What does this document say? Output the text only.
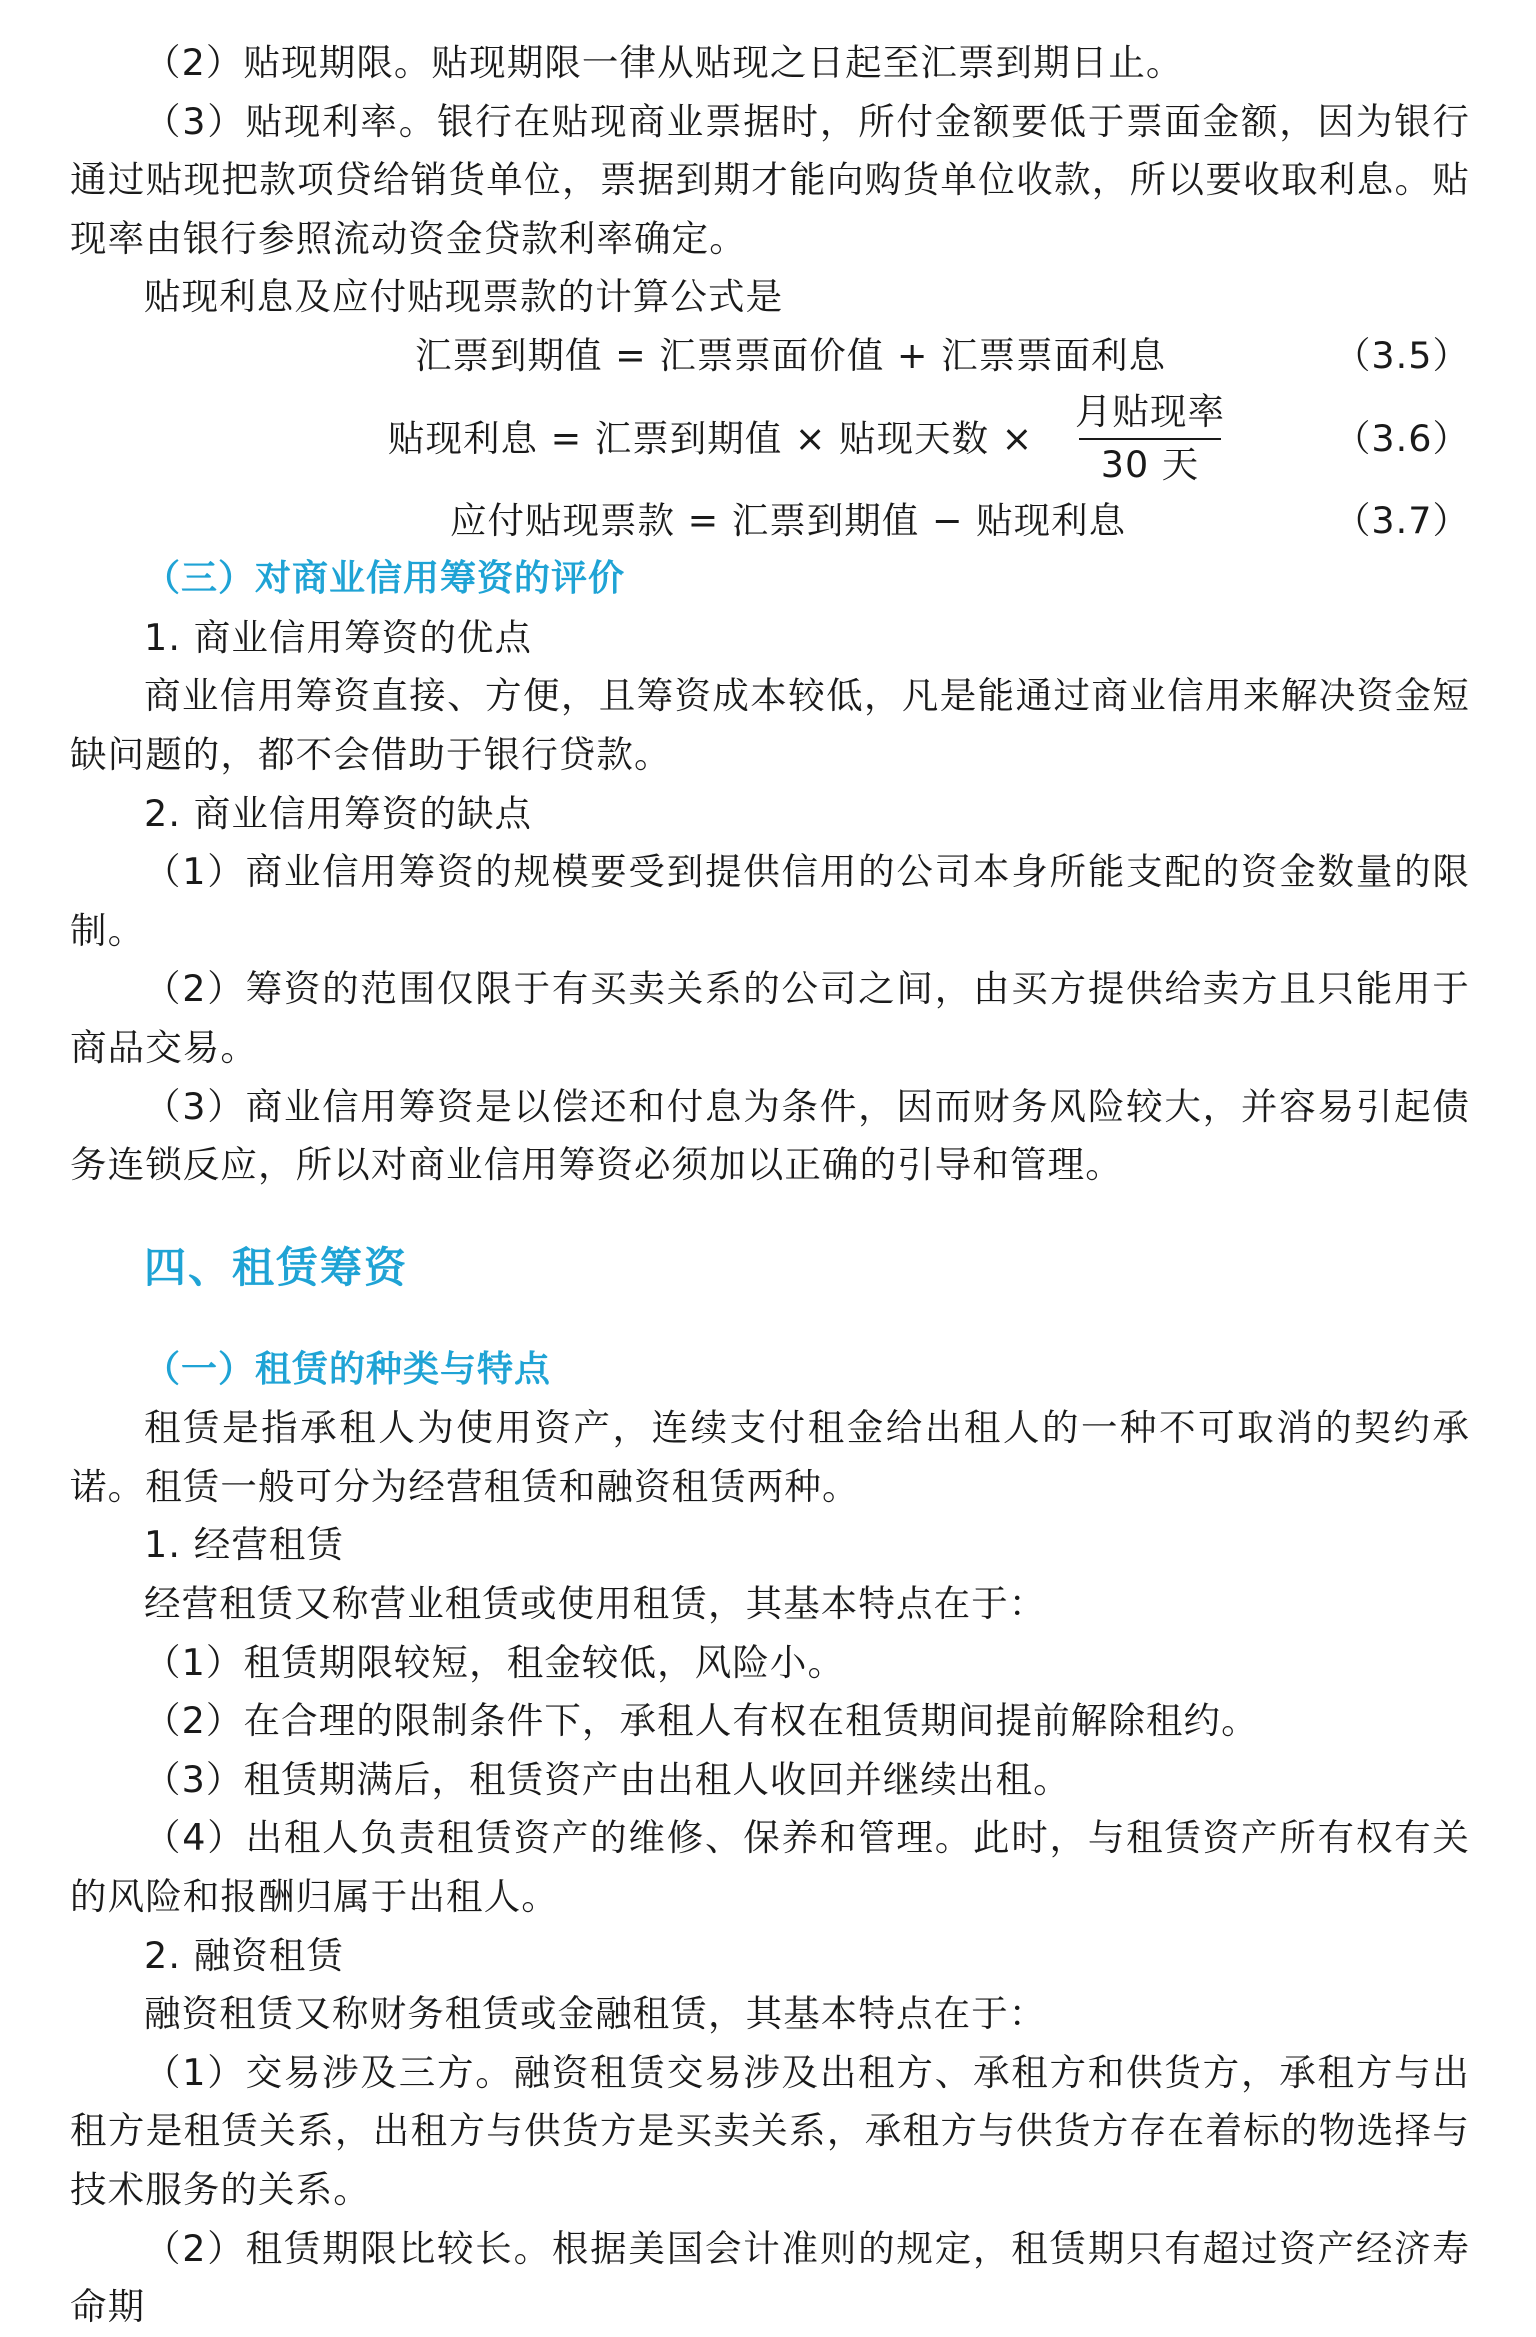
（2）贴现期限。贴现期限一律从贴现之日起至汇票到期日止。

（3）贴现利率。银行在贴现商业票据时，所付金额要低于票面金额，因为银行通过贴现把款项贷给销货单位，票据到期才能向购货单位收款，所以要收取利息。贴现率由银行参照流动资金贷款利率确定。

贴现利息及应付贴现票款的计算公式是

汇票到期值 = 汇票票面价值 + 汇票票面利息	（3.5）
贴现利息 = 汇票到期值 × 贴现天数 ×
月贴现率
30 天
（3.6）
应付贴现票款 = 汇票到期值 − 贴现利息	（3.7）

（三）对商业信用筹资的评价

1. 商业信用筹资的优点

商业信用筹资直接、方便，且筹资成本较低，凡是能通过商业信用来解决资金短缺问题的，都不会借助于银行贷款。

2. 商业信用筹资的缺点

（1）商业信用筹资的规模要受到提供信用的公司本身所能支配的资金数量的限制。

（2）筹资的范围仅限于有买卖关系的公司之间，由买方提供给卖方且只能用于商品交易。

（3）商业信用筹资是以偿还和付息为条件，因而财务风险较大，并容易引起债务连锁反应，所以对商业信用筹资必须加以正确的引导和管理。

四、租赁筹资

（一）租赁的种类与特点

租赁是指承租人为使用资产，连续支付租金给出租人的一种不可取消的契约承诺。租赁一般可分为经营租赁和融资租赁两种。

1. 经营租赁

经营租赁又称营业租赁或使用租赁，其基本特点在于：

（1）租赁期限较短，租金较低，风险小。

（2）在合理的限制条件下，承租人有权在租赁期间提前解除租约。

（3）租赁期满后，租赁资产由出租人收回并继续出租。

（4）出租人负责租赁资产的维修、保养和管理。此时，与租赁资产所有权有关的风险和报酬归属于出租人。

2. 融资租赁

融资租赁又称财务租赁或金融租赁，其基本特点在于：

（1）交易涉及三方。融资租赁交易涉及出租方、承租方和供货方，承租方与出租方是租赁关系，出租方与供货方是买卖关系，承租方与供货方存在着标的物选择与技术服务的关系。

（2）租赁期限比较长。根据美国会计准则的规定，租赁期只有超过资产经济寿命期
